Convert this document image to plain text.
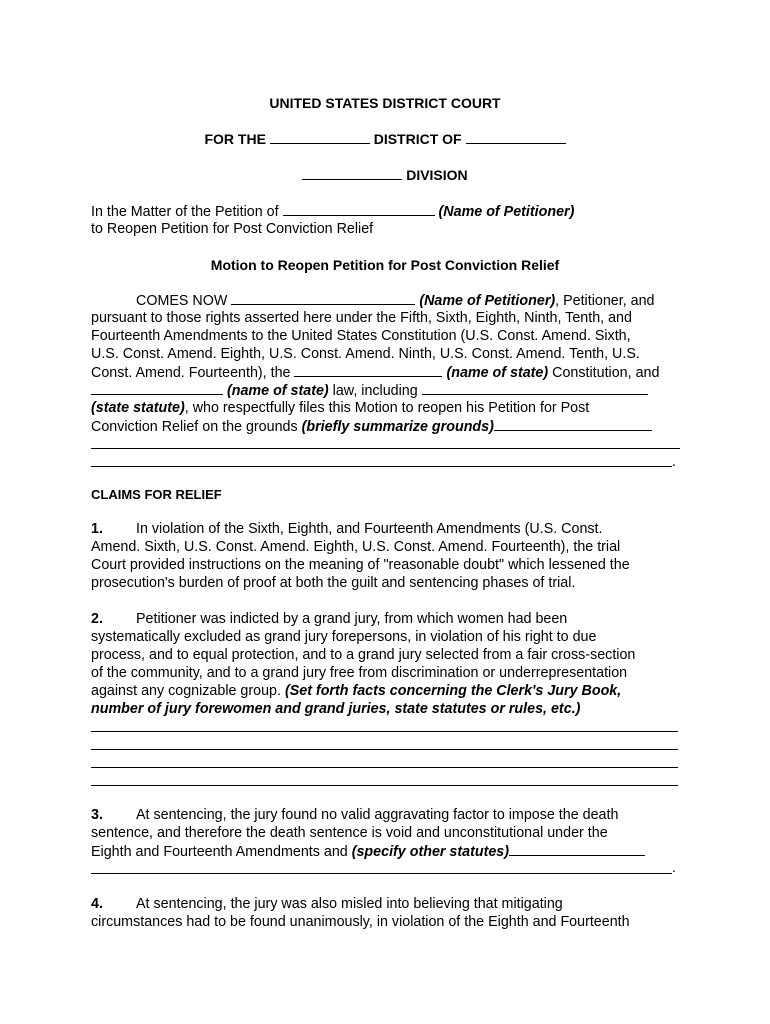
UNITED STATES DISTRICT COURT
FOR THE	DISTRICT OF
DIVISION
In the Matter of the Petition of	(Name of Petitioner)
to Reopen Petition for Post Conviction Relief
Motion to Reopen Petition for Post Conviction Relief
COMES NOW	(Name of Petitioner), Petitioner, and
pursuant to those rights asserted here under the Fifth, Sixth, Eighth, Ninth, Tenth, and
Fourteenth Amendments to the United States Constitution (U.S. Const. Amend. Sixth,
U.S. Const. Amend. Eighth, U.S. Const. Amend. Ninth, U.S. Const. Amend. Tenth, U.S.
Const. Amend. Fourteenth), the	(name of state) Constitution, and
(name of state) law, including
(state statute), who respectfully files this Motion to reopen his Petition for Post
Conviction Relief on the grounds (briefly summarize grounds)
.
CLAIMS FOR RELIEF
1. In violation of the Sixth, Eighth, and Fourteenth Amendments (U.S. Const.
Amend. Sixth, U.S. Const. Amend. Eighth, U.S. Const. Amend. Fourteenth), the trial
Court provided instructions on the meaning of "reasonable doubt" which lessened the
prosecution's burden of proof at both the guilt and sentencing phases of trial.
2. Petitioner was indicted by a grand jury, from which women had been
systematically excluded as grand jury forepersons, in violation of his right to due
process, and to equal protection, and to a grand jury selected from a fair cross-section
of the community, and to a grand jury free from discrimination or underrepresentation
against any cognizable group. (Set forth facts concerning the Clerk's Jury Book,
number of jury forewomen and grand juries, state statutes or rules, etc.)
3. At sentencing, the jury found no valid aggravating factor to impose the death
sentence, and therefore the death sentence is void and unconstitutional under the
Eighth and Fourteenth Amendments and (specify other statutes)
.
4. At sentencing, the jury was also misled into believing that mitigating
circumstances had to be found unanimously, in violation of the Eighth and Fourteenth
